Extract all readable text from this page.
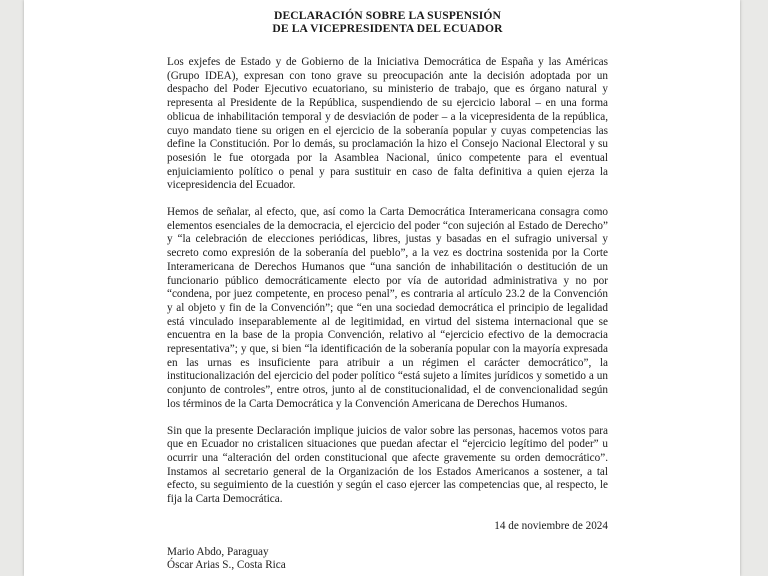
DECLARACIÓN SOBRE LA SUSPENSIÓN
DE LA VICEPRESIDENTA DEL ECUADOR

Los exjefes de Estado y de Gobierno de la Iniciativa Democrática de España y las Américas (Grupo IDEA), expresan con tono grave su preocupación ante la decisión adoptada por un despacho del Poder Ejecutivo ecuatoriano, su ministerio de trabajo, que es órgano natural y representa al Presidente de la República, suspendiendo de su ejercicio laboral – en una forma oblicua de inhabilitación temporal y de desviación de poder – a la vicepresidenta de la república, cuyo mandato tiene su origen en el ejercicio de la soberanía popular y cuyas competencias las define la Constitución. Por lo demás, su proclamación la hizo el Consejo Nacional Electoral y su posesión le fue otorgada por la Asamblea Nacional, único competente para el eventual enjuiciamiento político o penal y para sustituir en caso de falta definitiva a quien ejerza la vicepresidencia del Ecuador.

Hemos de señalar, al efecto, que, así como la Carta Democrática Interamericana consagra como elementos esenciales de la democracia, el ejercicio del poder “con sujeción al Estado de Derecho” y “la celebración de elecciones periódicas, libres, justas y basadas en el sufragio universal y secreto como expresión de la soberanía del pueblo”, a la vez es doctrina sostenida por la Corte Interamericana de Derechos Humanos que “una sanción de inhabilitación o destitución de un funcionario público democráticamente electo por vía de autoridad administrativa y no por “condena, por juez competente, en proceso penal”, es contraria al artículo 23.2 de la Convención y al objeto y fin de la Convención”; que “en una sociedad democrática el principio de legalidad está vinculado inseparablemente al de legitimidad, en virtud del sistema internacional que se encuentra en la base de la propia Convención, relativo al “ejercicio efectivo de la democracia representativa”; y que, si bien “la identificación de la soberanía popular con la mayoría expresada en las urnas es insuficiente para atribuir a un régimen el carácter democrático”, la institucionalización del ejercicio del poder político “está sujeto a límites jurídicos y sometido a un conjunto de controles”, entre otros, junto al de constitucionalidad, el de convencionalidad según los términos de la Carta Democrática y la Convención Americana de Derechos Humanos.

Sin que la presente Declaración implique juicios de valor sobre las personas, hacemos votos para que en Ecuador no cristalicen situaciones que puedan afectar el “ejercicio legítimo del poder” u ocurrir una “alteración del orden constitucional que afecte gravemente su orden democrático”. Instamos al secretario general de la Organización de los Estados Americanos a sostener, a tal efecto, su seguimiento de la cuestión y según el caso ejercer las competencias que, al respecto, le fija la Carta Democrática.

14 de noviembre de 2024
Mario Abdo, Paraguay
Óscar Arias S., Costa Rica
